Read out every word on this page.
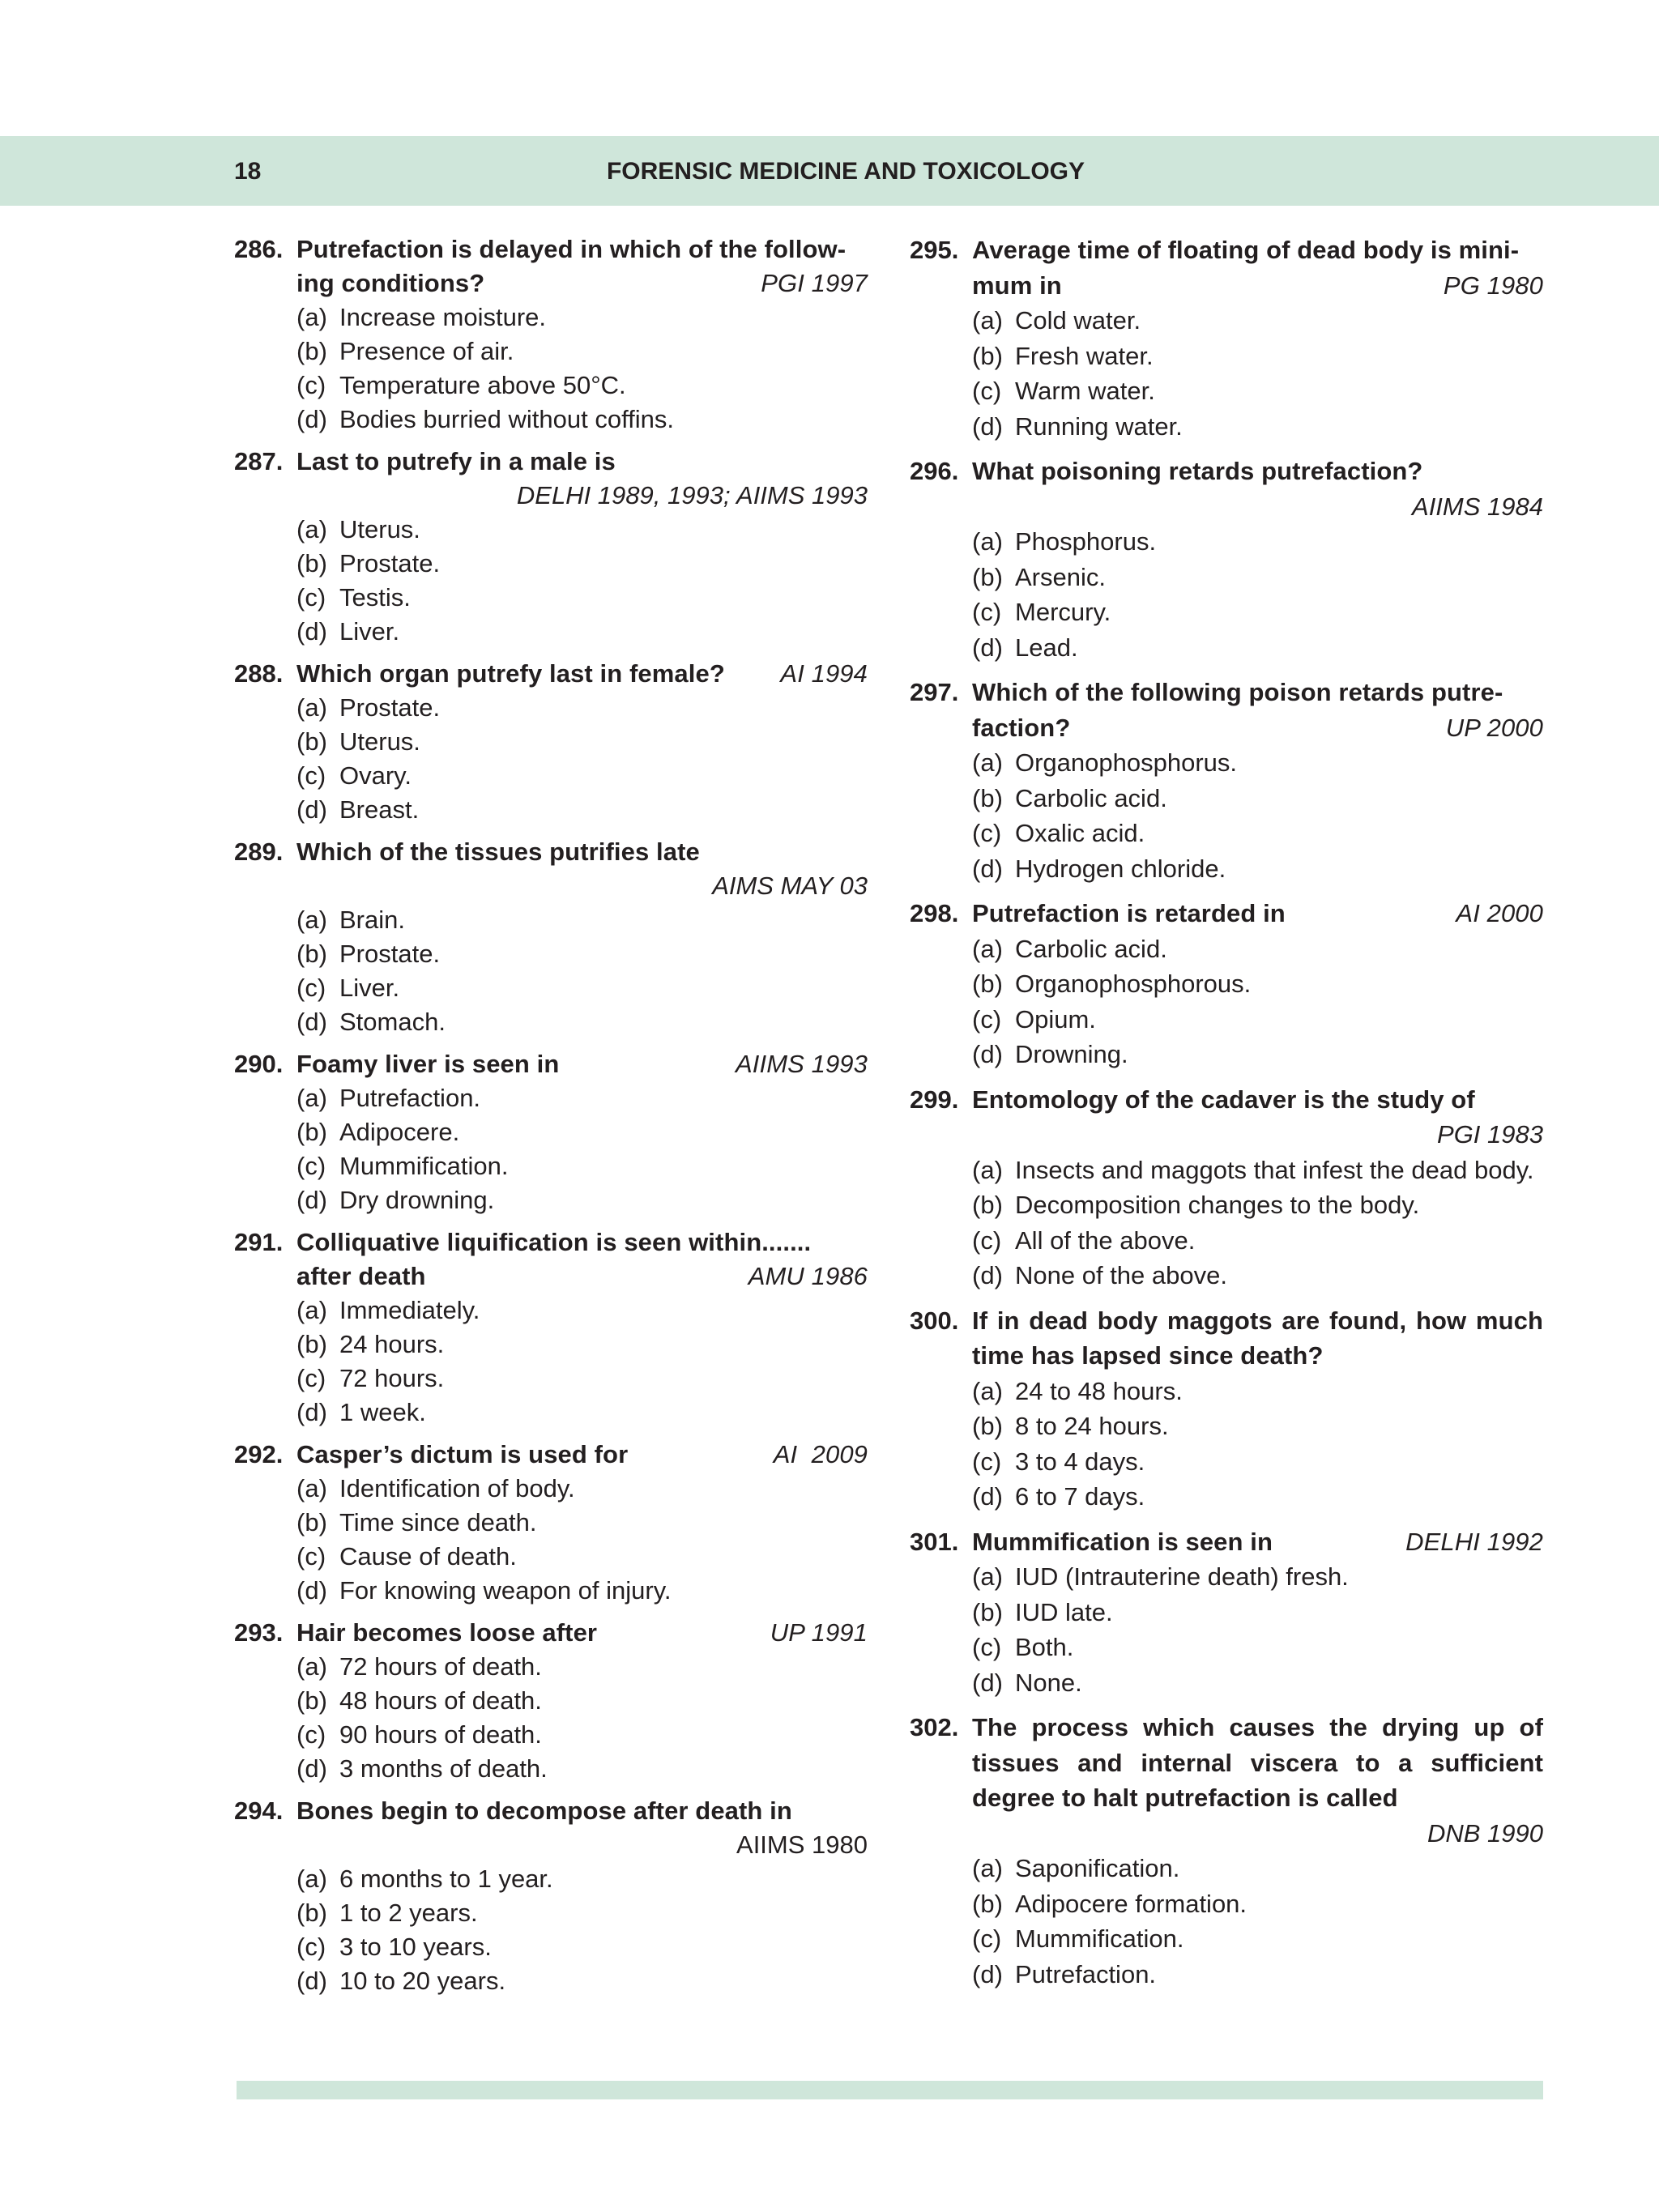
18	FORENSIC MEDICINE AND TOXICOLOGY
286. Putrefaction is delayed in which of the follow-
ing conditions?	PGI 1997
(a) Increase moisture.
(b) Presence of air.
(c) Temperature above 50°C.
(d) Bodies burried without coffins.
287. Last to putrefy in a male is
DELHI 1989, 1993; AIIMS 1993
(a) Uterus.
(b) Prostate.
(c) Testis.
(d) Liver.
288.	AI 1994
Which organ putrefy last in female?
(a) Prostate.
(b) Uterus.
(c) Ovary.
(d) Breast.
289. Which of the tissues putrifies late
AIMS MAY 03
(a) Brain.
(b) Prostate.
(c) Liver.
(d) Stomach.
290.	AIIMS 1993
Foamy liver is seen in
(a) Putrefaction.
(b) Adipocere.
(c) Mummification.
(d) Dry drowning.
291. Colliquative liquification is seen within.......
after death	AMU 1986
(a) Immediately.
(b) 24 hours.
(c) 72 hours.
(d) 1 week.
292.	AI  2009
Casper’s dictum is used for
(a) Identification of body.
(b) Time since death.
(c) Cause of death.
(d) For knowing weapon of injury.
293.	UP 1991
Hair becomes loose after
(a) 72 hours of death.
(b) 48 hours of death.
(c) 90 hours of death.
(d) 3 months of death.
294. Bones begin to decompose after death in
AIIMS 1980
(a) 6 months to 1 year.
(b) 1 to 2 years.
(c) 3 to 10 years.
(d) 10 to 20 years.
295. Average time of floating of dead body is mini-
mum in	PG 1980
(a) Cold water.
(b) Fresh water.
(c) Warm water.
(d) Running water.
296. What poisoning retards putrefaction?
AIIMS 1984
(a) Phosphorus.
(b) Arsenic.
(c) Mercury.
(d) Lead.
297. Which of the following poison retards putre-
faction?	UP 2000
(a) Organophosphorus.
(b) Carbolic acid.
(c) Oxalic acid.
(d) Hydrogen chloride.
298.	AI 2000
Putrefaction is retarded in
(a) Carbolic acid.
(b) Organophosphorous.
(c) Opium.
(d) Drowning.
299. Entomology of the cadaver is the study of
PGI 1983
(a) Insects and maggots that infest the dead body.
(b) Decomposition changes to the body.
(c) All of the above.
(d) None of the above.
300. If in dead body maggots are found, how much time has lapsed since death?
(a) 24 to 48 hours.
(b) 8 to 24 hours.
(c) 3 to 4 days.
(d) 6 to 7 days.
301.	DELHI 1992
Mummification is seen in
(a) IUD (Intrauterine death) fresh.
(b) IUD late.
(c) Both.
(d) None.
302. The process which causes the drying up of tissues and internal viscera to a sufficient degree to halt putrefaction is called
DNB 1990
(a) Saponification.
(b) Adipocere formation.
(c) Mummification.
(d) Putrefaction.
